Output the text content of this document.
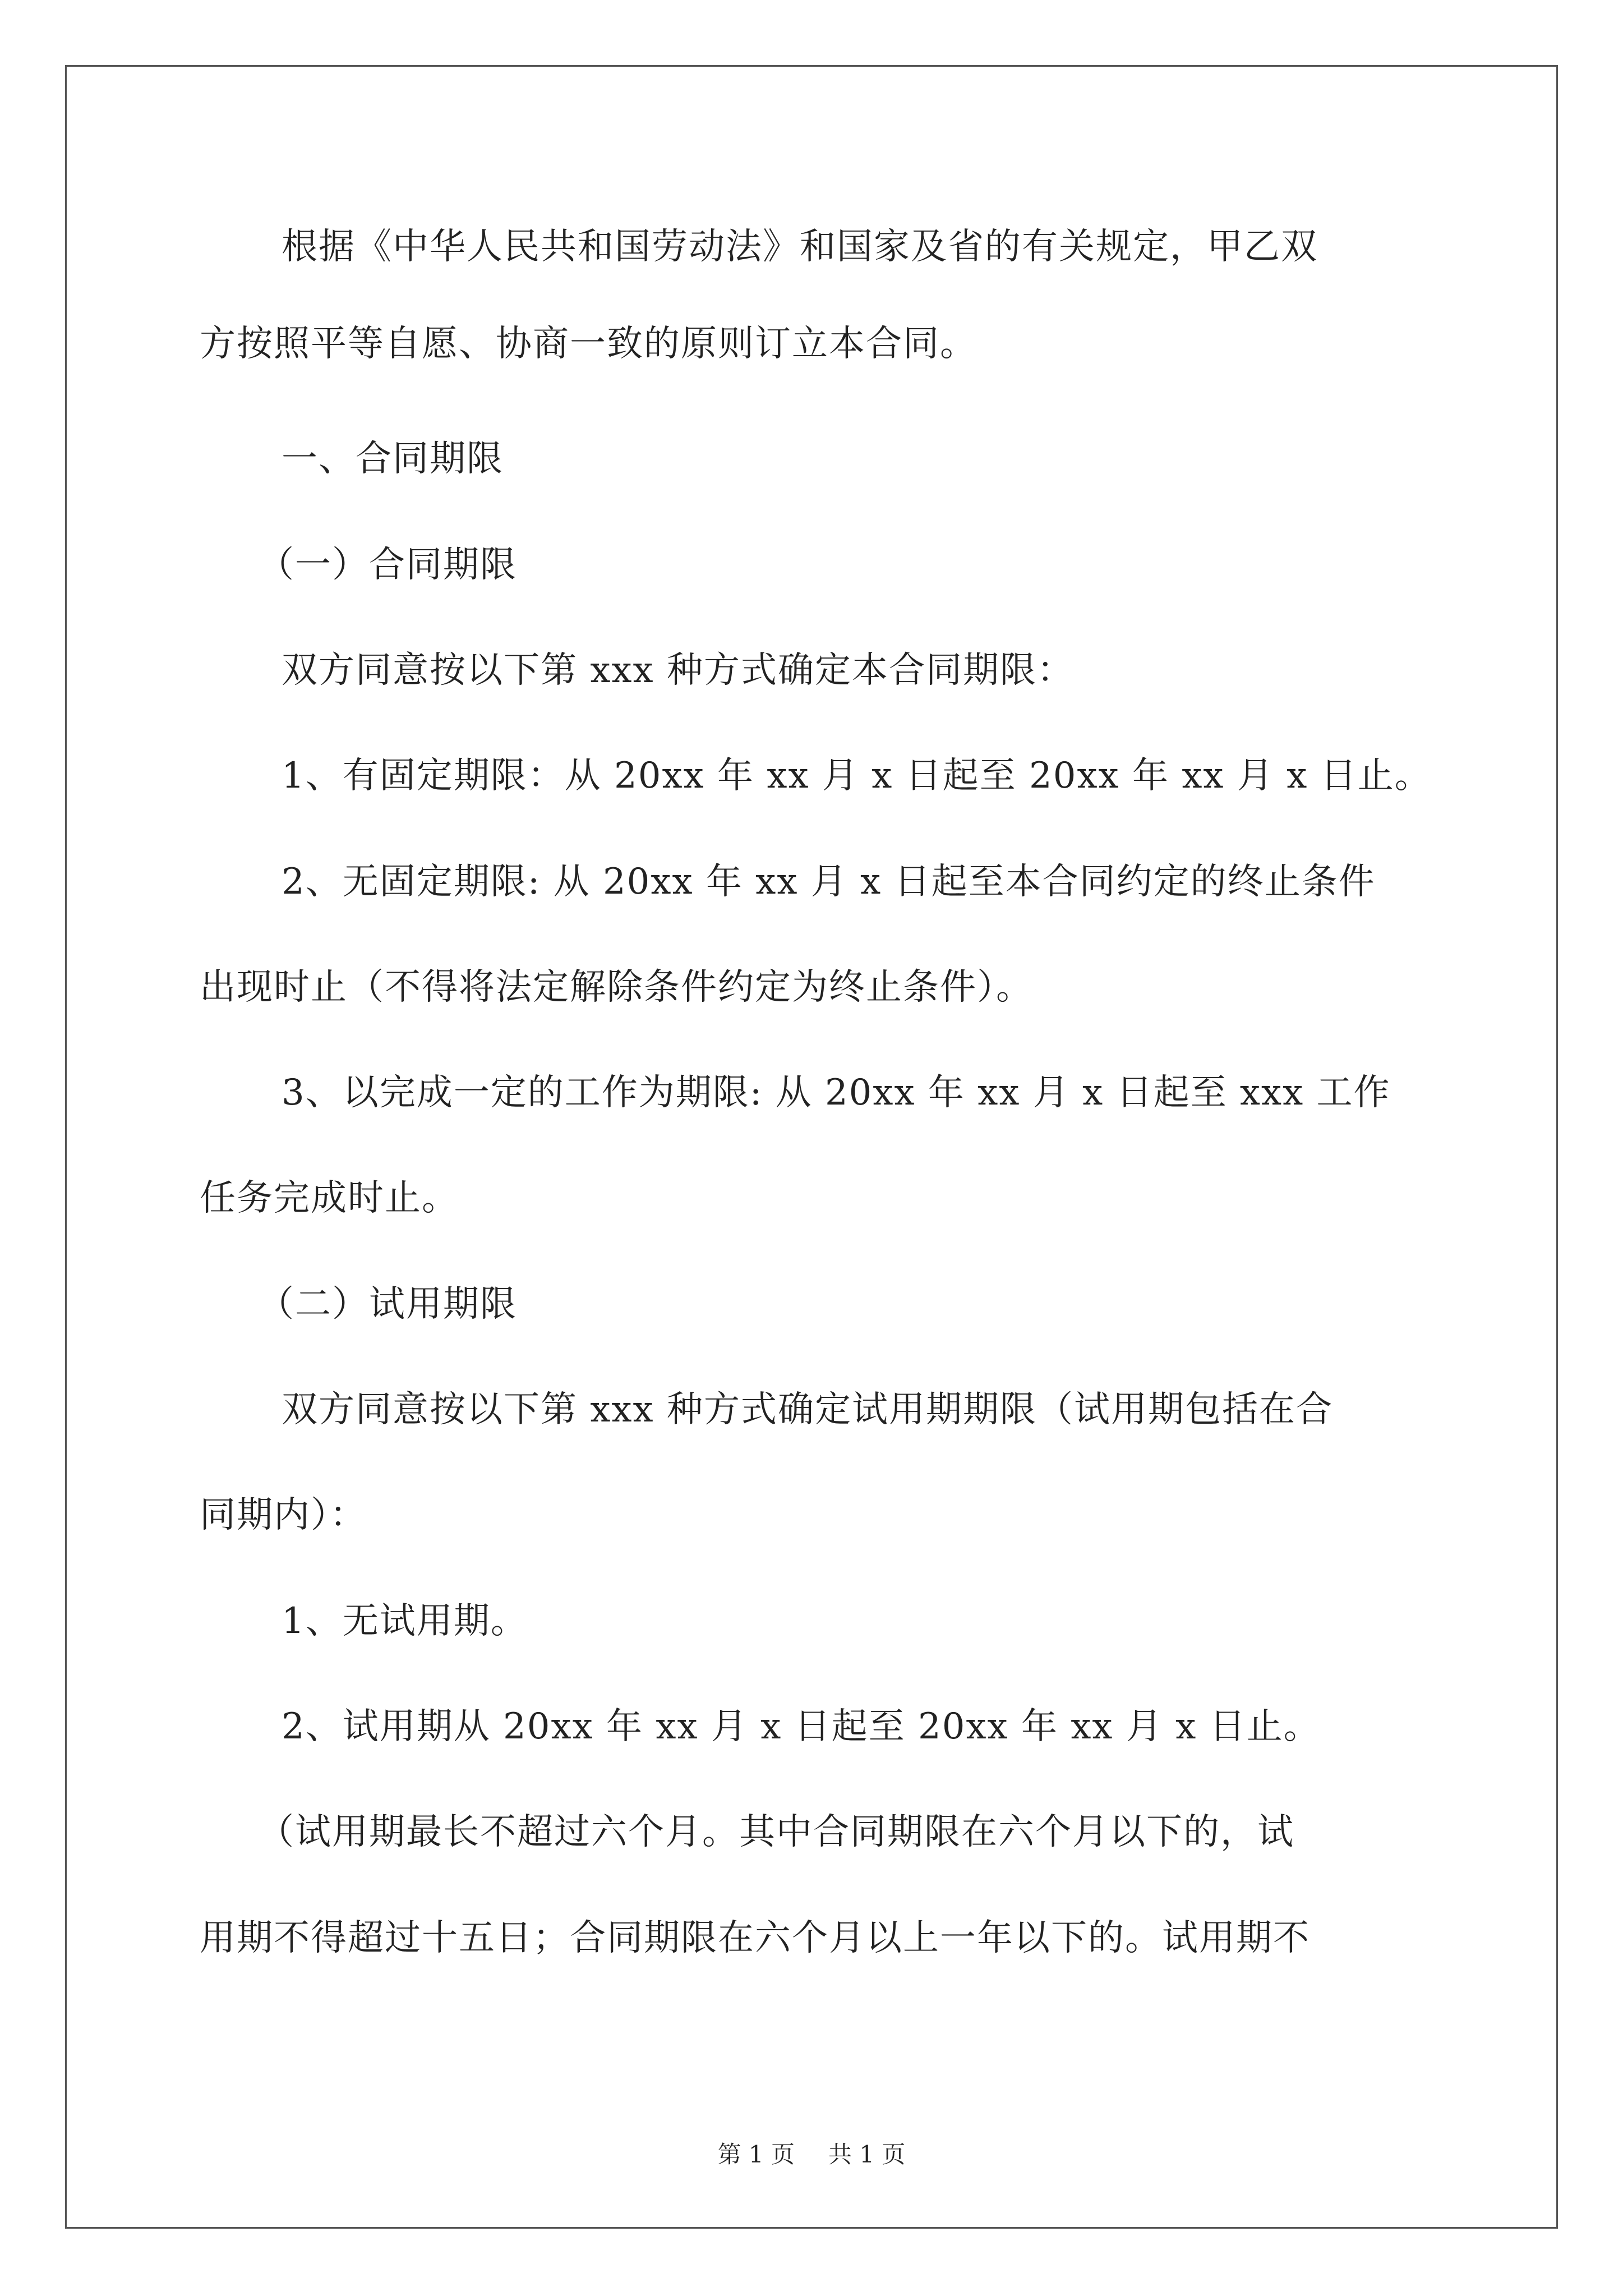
根据《中华人民共和国劳动法》和国家及省的有关规定，甲乙双
方按照平等自愿、协商一致的原则订立本合同。
一、合同期限
（一）合同期限
双方同意按以下第 xxx 种方式确定本合同期限：
1、有固定期限：从 20xx 年 xx 月 x 日起至 20xx 年 xx 月 x 日止。
2、无固定期限: 从 20xx 年 xx 月 x 日起至本合同约定的终止条件
出现时止（不得将法定解除条件约定为终止条件）。
3、以完成一定的工作为期限: 从 20xx 年 xx 月 x 日起至 xxx 工作
任务完成时止。
（二）试用期限
双方同意按以下第 xxx 种方式确定试用期期限（试用期包括在合
同期内）：
1、无试用期。
2、试用期从 20xx 年 xx 月 x 日起至 20xx 年 xx 月 x 日止。
（试用期最长不超过六个月。其中合同期限在六个月以下的，试
用期不得超过十五日；合同期限在六个月以上一年以下的。试用期不
第 1 页 共 1 页
